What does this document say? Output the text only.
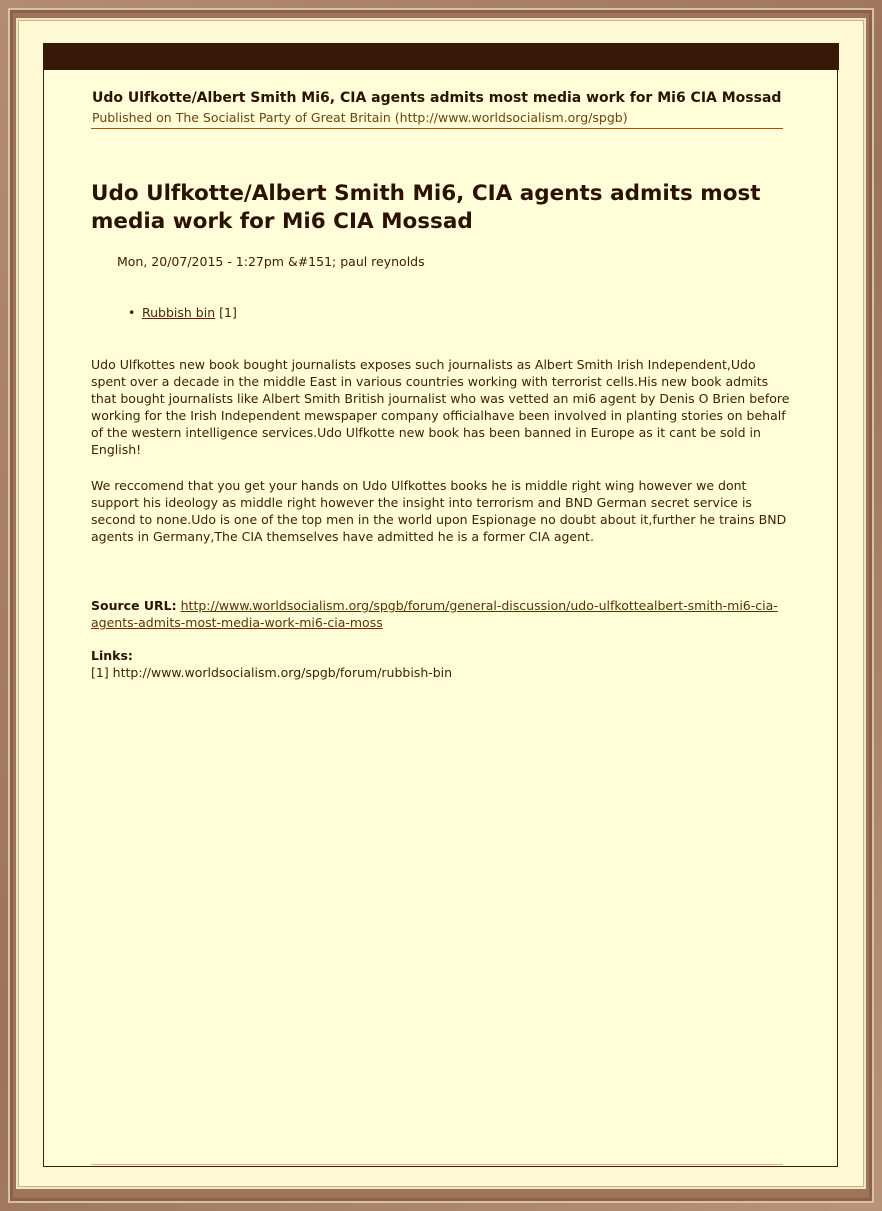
Udo Ulfkotte/Albert Smith Mi6, CIA agents admits most media work for Mi6 CIA Mossad
Published on The Socialist Party of Great Britain (http://www.worldsocialism.org/spgb)
Udo Ulfkotte/Albert Smith Mi6, CIA agents admits most media work for Mi6 CIA Mossad
Mon, 20/07/2015 - 1:27pm &#151; paul reynolds
• Rubbish bin [1]

Udo Ulfkottes new book bought journalists exposes such journalists as Albert Smith Irish Independent,Udo spent over a decade in the middle East in various countries working with terrorist cells.His new book admits that bought journalists like Albert Smith British journalist who was vetted an mi6 agent by Denis O Brien before working for the Irish Independent mewspaper company officialhave been involved in planting stories on behalf of the western intelligence services.Udo Ulfkotte new book has been banned in Europe as it cant be sold in English!

We reccomend that you get your hands on Udo Ulfkottes books he is middle right wing however we dont support his ideology as middle right however the insight into terrorism and BND German secret service is second to none.Udo is one of the top men in the world upon Espionage no doubt about it,further he trains BND agents in Germany,The CIA themselves have admitted he is a former CIA agent.

Source URL: http://www.worldsocialism.org/spgb/forum/general-discussion/udo-ulfkottealbert-smith-mi6-cia-agents-admits-most-media-work-mi6-cia-moss
Links:
[1] http://www.worldsocialism.org/spgb/forum/rubbish-bin
